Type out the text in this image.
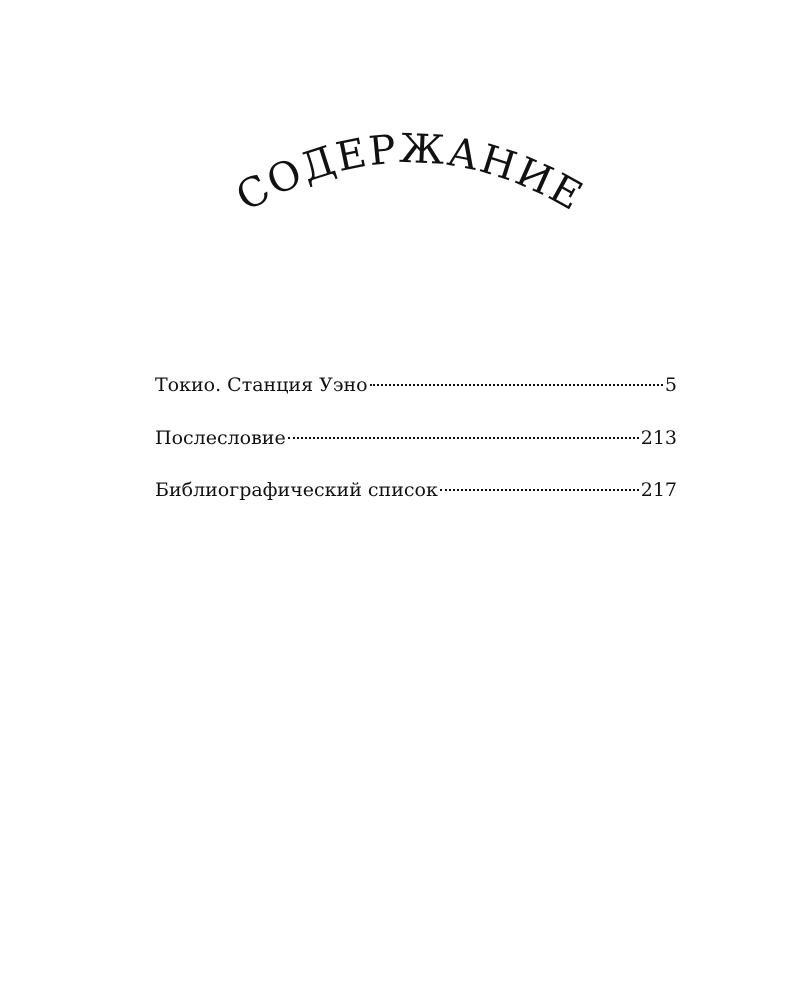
СОДЕРЖАНИЕ
Токио. Станция Уэно	5
Послесловие	213
Библиографический список	217
